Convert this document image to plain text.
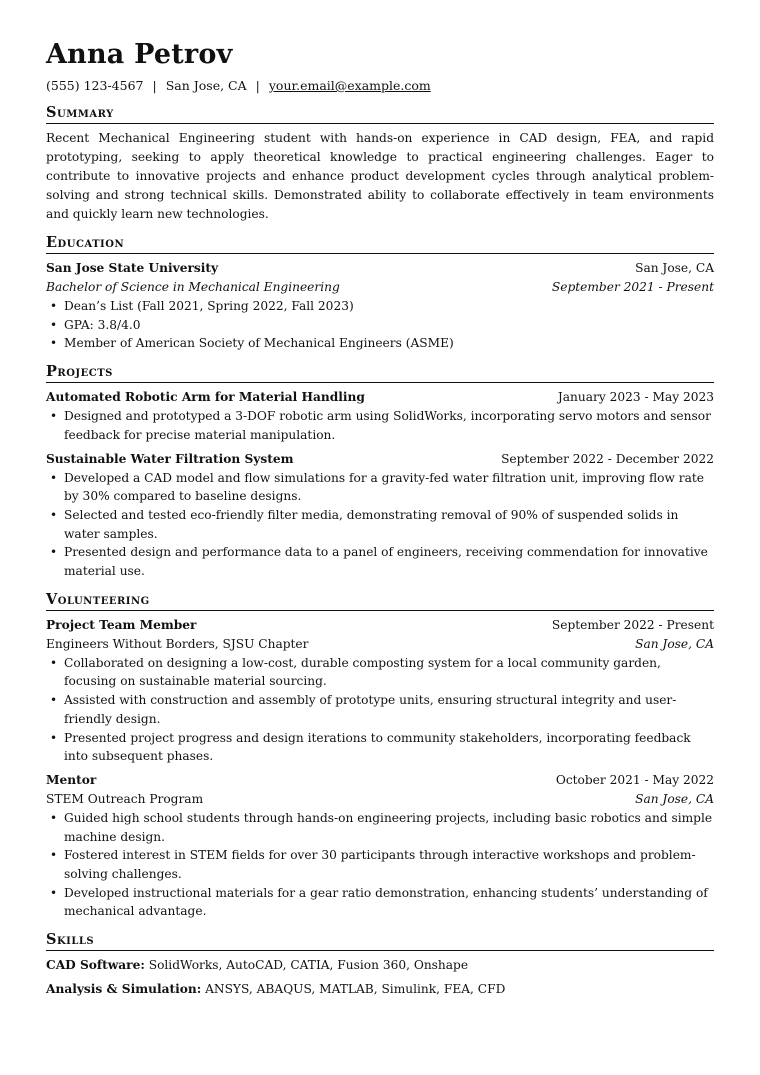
Anna Petrov
(555) 123-4567 | San Jose, CA | your.email@example.com
Summary

Recent Mechanical Engineering student with hands-on experience in CAD design, FEA, and rapid prototyping, seeking to apply theoretical knowledge to practical engineering challenges. Eager to contribute to innovative projects and enhance product development cycles through analytical problem-solving and strong technical skills. Demonstrated ability to collaborate effectively in team environments and quickly learn new technologies.

Education
San Jose State University	San Jose, CA
Bachelor of Science in Mechanical Engineering	September 2021 - Present
• Dean’s List (Fall 2021, Spring 2022, Fall 2023)
• GPA: 3.8/4.0
• Member of American Society of Mechanical Engineers (ASME)
Projects
Automated Robotic Arm for Material Handling	January 2023 - May 2023
• Designed and prototyped a 3-DOF robotic arm using SolidWorks, incorporating servo motors and sensor feedback for precise material manipulation.
Sustainable Water Filtration System	September 2022 - December 2022
• Developed a CAD model and flow simulations for a gravity-fed water filtration unit, improving flow rate by 30% compared to baseline designs.
• Selected and tested eco-friendly filter media, demonstrating removal of 90% of suspended solids in water samples.
• Presented design and performance data to a panel of engineers, receiving commendation for innovative material use.
Volunteering
Project Team Member	September 2022 - Present
Engineers Without Borders, SJSU Chapter	San Jose, CA
• Collaborated on designing a low-cost, durable composting system for a local community garden, focusing on sustainable material sourcing.
• Assisted with construction and assembly of prototype units, ensuring structural integrity and user-friendly design.
• Presented project progress and design iterations to community stakeholders, incorporating feedback into subsequent phases.
Mentor	October 2021 - May 2022
STEM Outreach Program	San Jose, CA
• Guided high school students through hands-on engineering projects, including basic robotics and simple machine design.
• Fostered interest in STEM fields for over 30 participants through interactive workshops and problem-solving challenges.
• Developed instructional materials for a gear ratio demonstration, enhancing students’ understanding of mechanical advantage.
Skills
CAD Software: SolidWorks, AutoCAD, CATIA, Fusion 360, Onshape
Analysis & Simulation: ANSYS, ABAQUS, MATLAB, Simulink, FEA, CFD
